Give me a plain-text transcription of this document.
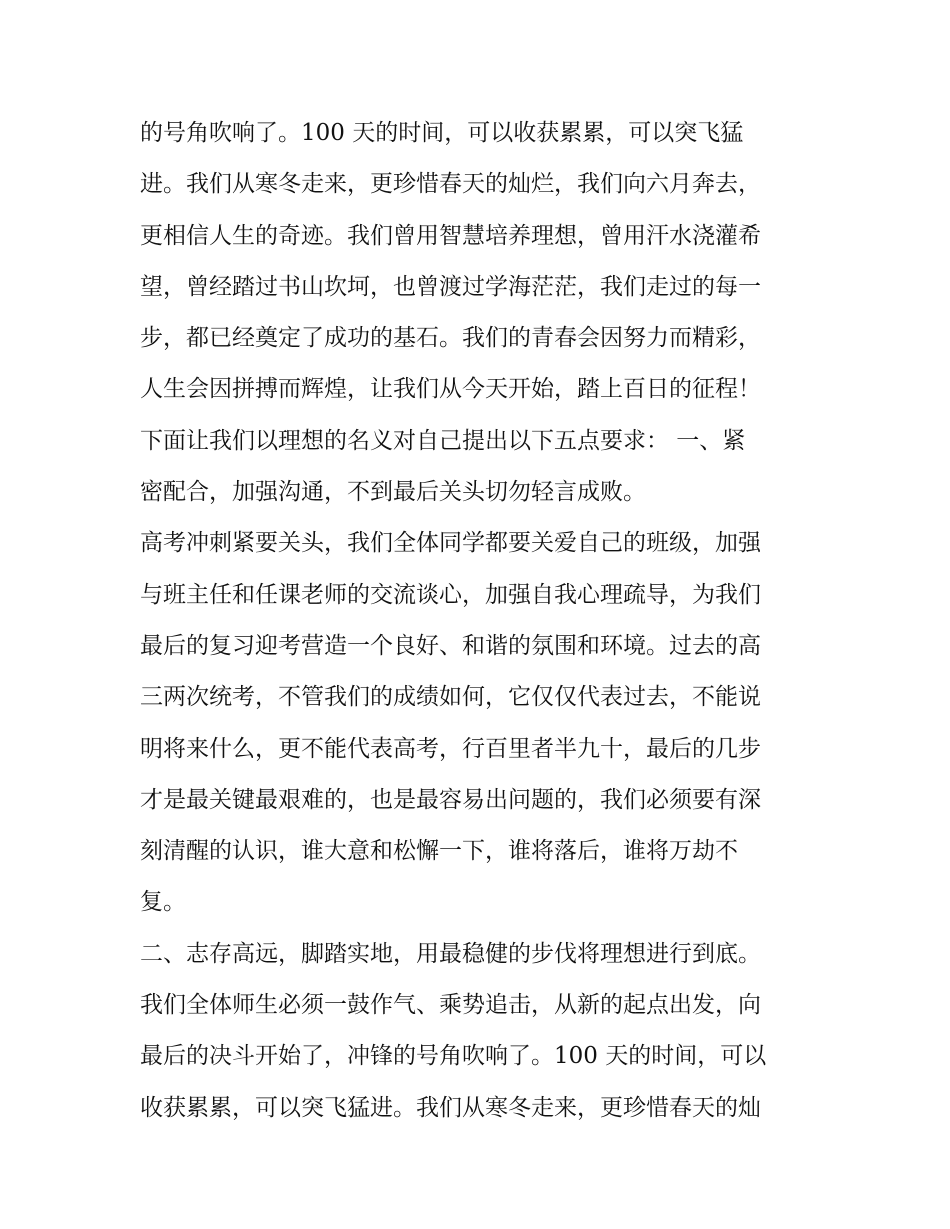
的号角吹响了。100 天的时间，可以收获累累，可以突飞猛
进。我们从寒冬走来，更珍惜春天的灿烂，我们向六月奔去，
更相信人生的奇迹。我们曾用智慧培养理想，曾用汗水浇灌希
望，曾经踏过书山坎坷，也曾渡过学海茫茫，我们走过的每一
步，都已经奠定了成功的基石。我们的青春会因努力而精彩，
人生会因拼搏而辉煌，让我们从今天开始，踏上百日的征程！
下面让我们以理想的名义对自己提出以下五点要求： 一、紧
密配合，加强沟通，不到最后关头切勿轻言成败。
高考冲刺紧要关头，我们全体同学都要关爱自己的班级，加强
与班主任和任课老师的交流谈心，加强自我心理疏导，为我们
最后的复习迎考营造一个良好、和谐的氛围和环境。过去的高
三两次统考，不管我们的成绩如何，它仅仅代表过去，不能说
明将来什么，更不能代表高考，行百里者半九十，最后的几步
才是最关键最艰难的，也是最容易出问题的，我们必须要有深
刻清醒的认识，谁大意和松懈一下，谁将落后，谁将万劫不
复。
二、志存高远，脚踏实地，用最稳健的步伐将理想进行到底。
我们全体师生必须一鼓作气、乘势追击，从新的起点出发，向
最后的决斗开始了，冲锋的号角吹响了。100 天的时间，可以
收获累累，可以突飞猛进。我们从寒冬走来，更珍惜春天的灿
